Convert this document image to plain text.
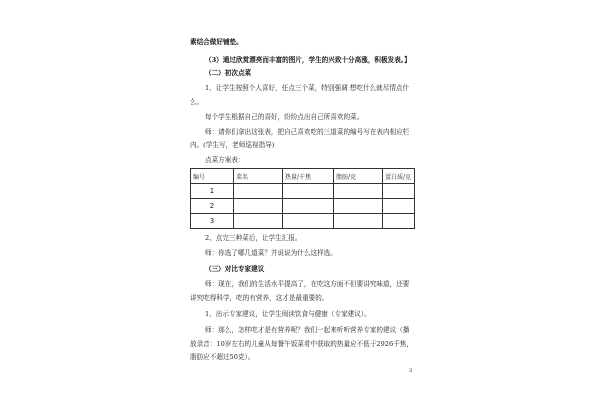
素结合做好铺垫。
（3）通过欣赏漂亮而丰富的图片，学生的兴致十分高涨，积极发表。】
（二）初次点菜
1、让学生按照个人喜好，任点三个菜，特别强调 想吃什么就尽情点什
么。
每个学生根据自己的喜好，纷纷点出自己所喜欢的菜。
师：请你们拿出这张表，把自己喜欢吃的三道菜的编号写在表内相应栏
内。(学生写，老师巡视指导)
点菜方案表：
编号	菜名	热量/千焦	脂肪/克	蛋白质/克
1				
2				
3				
2、点完三种菜后，让学生汇报。
师：你选了哪几道菜？并说说为什么这样选。
（三）对比专家建议
师：现在，我们的生活水平提高了，在吃这方面不但要讲究味道，还要
讲究吃得科学，吃的有营养，这才是最重要的。
1、出示专家建议，让学生阅读饮食与健康（专家建议）。
师：那么，怎样吃才是有营养呢？我们一起来听听营养专家的建议（播
放录音：10岁左右的儿童从每餐午饭菜肴中获取的热量应不低于2926千焦，
脂肪应不超过50克）。
3
